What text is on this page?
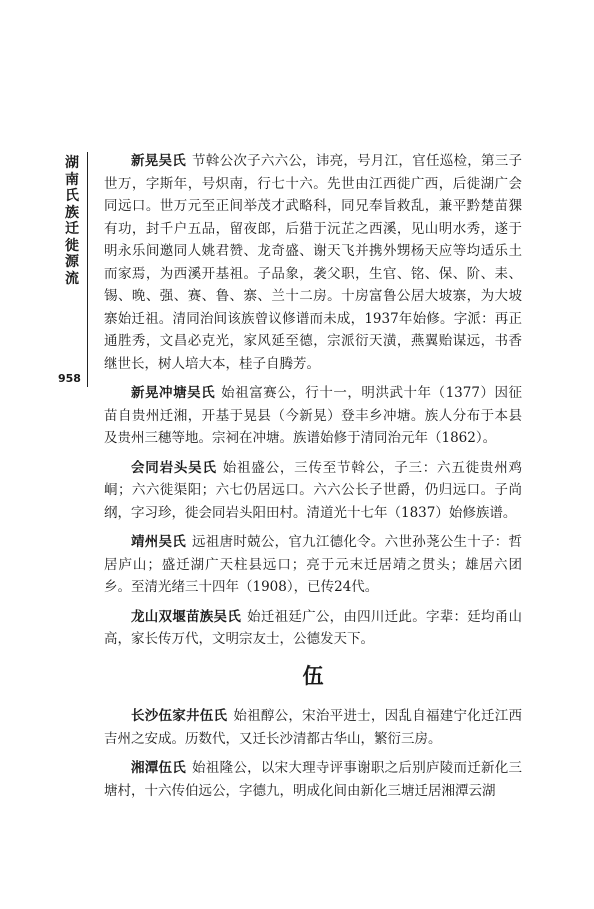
湖
南
氏
族
迁
徙
源
流
958

新晃吴氏 节斡公次子六六公，讳亮，号月江，官任巡检，第三子世万，字斯年，号炽南，行七十六。先世由江西徙广西，后徙湖广会同远口。世万元至正间举茂才武略科，同兄奉旨救乱，兼平黔楚苗猓有功，封千户五品，留夜郎，后猎于沅芷之西溪，见山明水秀，遂于明永乐间邀同人姚君赞、龙奇盛、谢天飞并携外甥杨天应等均适乐土而家焉，为西溪开基祖。子品象，袭父职，生官、铭、保、阶、耒、锡、晚、强、赛、鲁、寨、兰十二房。十房富鲁公居大坡寨，为大坡寨始迁祖。清同治间该族曾议修谱而未成，1937年始修。字派：再正通胜秀，文昌必克光，家风延至德，宗派衍天潢，燕翼贻谋远，书香继世长，树人培大本，桂子自腾芳。

新晃冲塘吴氏 始祖富赛公，行十一，明洪武十年（1377）因征苗自贵州迁湘，开基于晃县（今新晃）登丰乡冲塘。族人分布于本县及贵州三穗等地。宗祠在冲塘。族谱始修于清同治元年（1862）。

会同岩头吴氏 始祖盛公，三传至节斡公，子三：六五徙贵州鸡峒；六六徙渠阳；六七仍居远口。六六公长子世爵，仍归远口。子尚纲，字习珍，徙会同岩头阳田村。清道光十七年（1837）始修族谱。

靖州吴氏 远祖唐时兢公，官九江德化令。六世孙荛公生十子：哲居庐山；盛迁湖广天柱县远口；亮于元末迁居靖之贯头；雄居六团乡。至清光绪三十四年（1908），已传24代。

龙山双堰苗族吴氏 始迁祖廷广公，由四川迁此。字辈：廷均甬山高，家长传万代，文明宗友士，公德发天下。

伍

长沙伍家井伍氏 始祖醇公，宋治平进士，因乱自福建宁化迁江西吉州之安成。历数代，又迁长沙清都古华山，繁衍三房。

湘潭伍氏 始祖隆公，以宋大理寺评事谢职之后别庐陵而迁新化三塘村，十六传伯远公，字德九，明成化间由新化三塘迁居湘潭云湖
